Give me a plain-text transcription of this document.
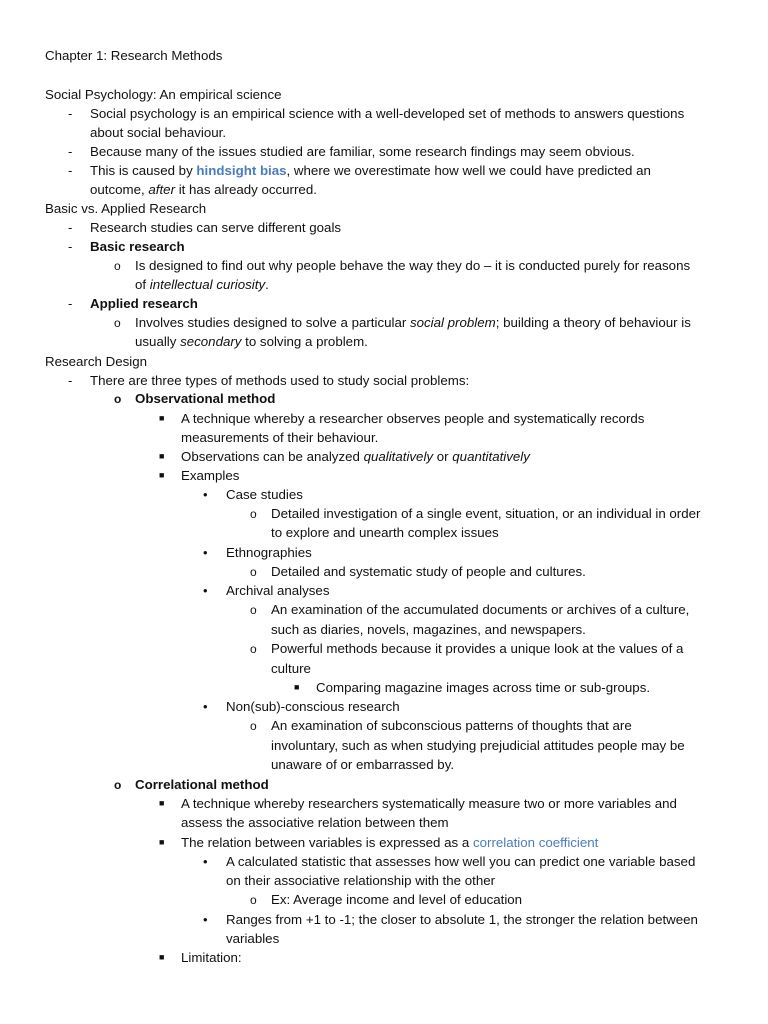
Chapter 1: Research Methods
Social Psychology: An empirical science
- Social psychology is an empirical science with a well-developed set of methods to answers questions
about social behaviour.
- Because many of the issues studied are familiar, some research findings may seem obvious.
- This is caused by hindsight bias, where we overestimate how well we could have predicted an
outcome, after it has already occurred.
Basic vs. Applied Research
- Research studies can serve different goals
- Basic research
o Is designed to find out why people behave the way they do – it is conducted purely for reasons
of intellectual curiosity.
- Applied research
o Involves studies designed to solve a particular social problem; building a theory of behaviour is
usually secondary to solving a problem.
Research Design
- There are three types of methods used to study social problems:
o Observational method
■ A technique whereby a researcher observes people and systematically records
measurements of their behaviour.
■ Observations can be analyzed qualitatively or quantitatively
■ Examples
• Case studies
o Detailed investigation of a single event, situation, or an individual in order
to explore and unearth complex issues
• Ethnographies
o Detailed and systematic study of people and cultures.
• Archival analyses
o An examination of the accumulated documents or archives of a culture,
such as diaries, novels, magazines, and newspapers.
o Powerful methods because it provides a unique look at the values of a
culture
■ Comparing magazine images across time or sub-groups.
• Non(sub)-conscious research
o An examination of subconscious patterns of thoughts that are
involuntary, such as when studying prejudicial attitudes people may be
unaware of or embarrassed by.
o Correlational method
■ A technique whereby researchers systematically measure two or more variables and
assess the associative relation between them
■ The relation between variables is expressed as a correlation coefficient
• A calculated statistic that assesses how well you can predict one variable based
on their associative relationship with the other
o Ex: Average income and level of education
• Ranges from +1 to -1; the closer to absolute 1, the stronger the relation between
variables
■ Limitation:
